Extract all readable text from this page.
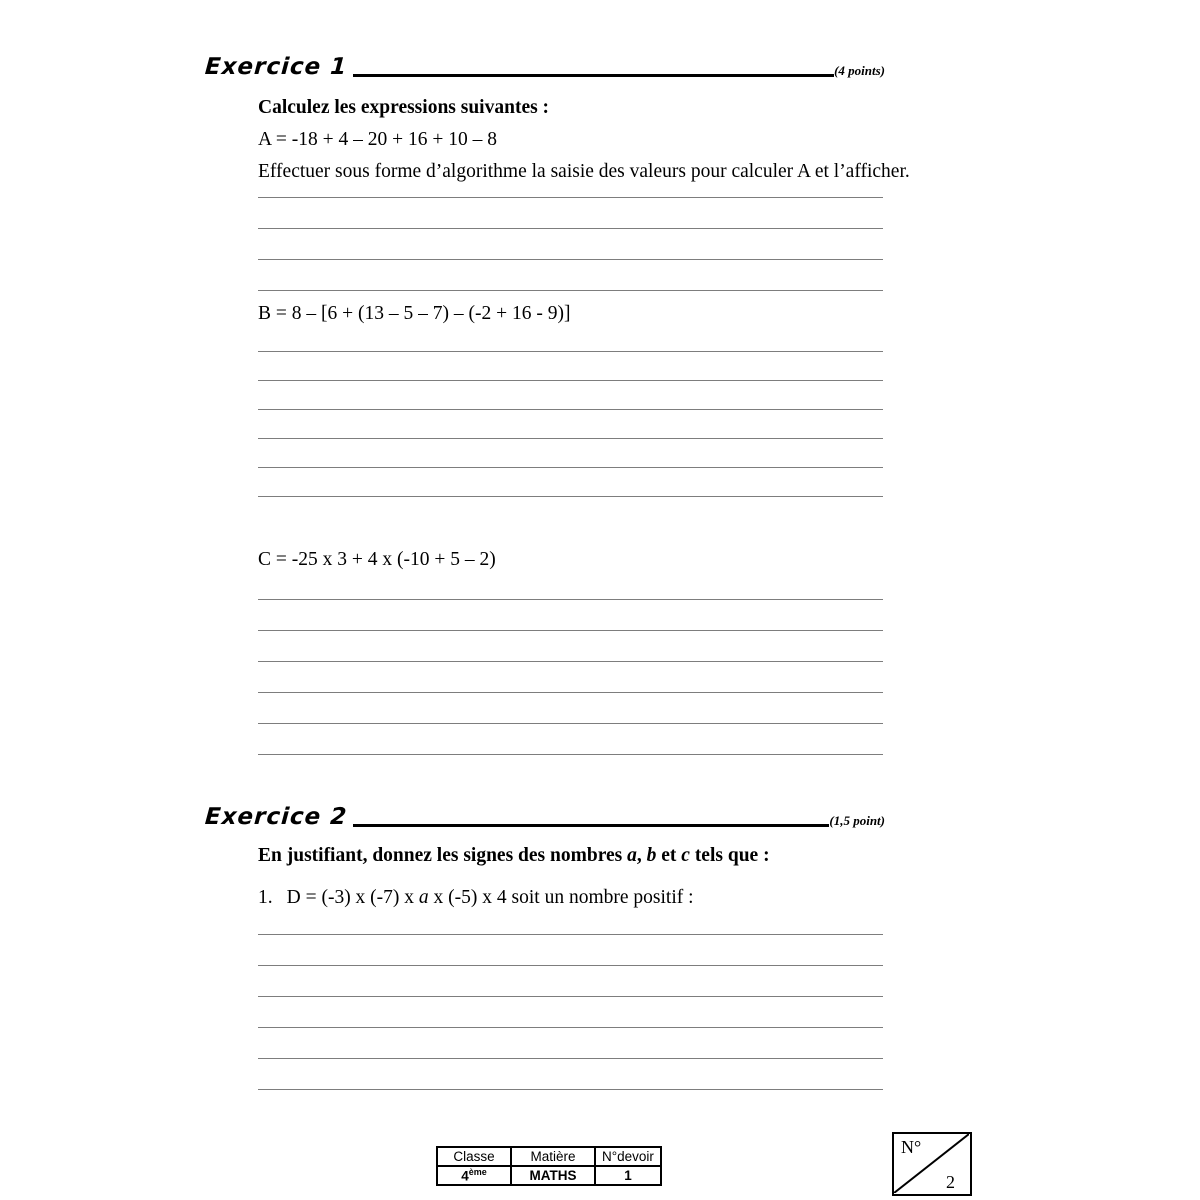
Exercice 1	(4 points)
Calculez les expressions suivantes :
A = -18 + 4 – 20 + 16 + 10 – 8
Effectuer sous forme d’algorithme la saisie des valeurs pour calculer A et l’afficher.
B = 8 – [6 + (13 – 5 – 7) – (-2 + 16 - 9)]
C = -25 x 3 + 4 x (-10 + 5 – 2)
Exercice 2	(1,5 point)
En justifiant, donnez les signes des nombres a, b et c tels que :
1. D = (-3) x (-7) x a x (-5) x 4 soit un nombre positif :
Classe	Matière	N°devoir
4ème	MATHS	1
N°
2
